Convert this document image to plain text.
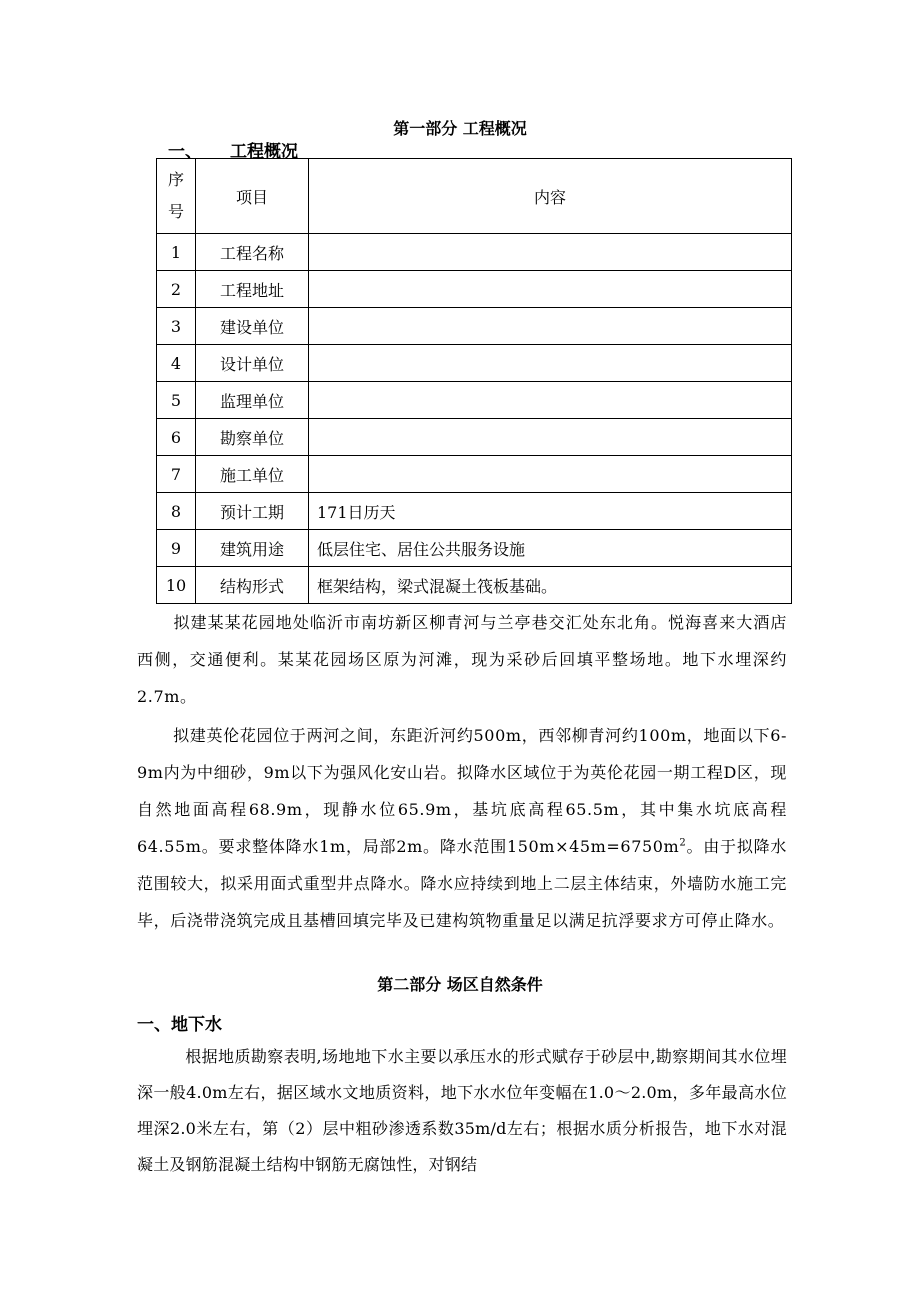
第一部分 工程概况
一、 工程概况
序
号	项目	内容
1	工程名称	
2	工程地址	
3	建设单位	
4	设计单位	
5	监理单位	
6	勘察单位	
7	施工单位	
8	预计工期	171日历天
9	建筑用途	低层住宅、居住公共服务设施
10	结构形式	框架结构，梁式混凝土筏板基础。
拟建某某花园地处临沂市南坊新区柳青河与兰亭巷交汇处东北角。悦海喜来大酒店西侧，交通便利。某某花园场区原为河滩，现为采砂后回填平整场地。地下水埋深约2.7m。
拟建英伦花园位于两河之间，东距沂河约500m，西邻柳青河约100m，地面以下6-9m内为中细砂，9m以下为强风化安山岩。拟降水区域位于为英伦花园一期工程D区，现自然地面高程68.9m，现静水位65.9m，基坑底高程65.5m，其中集水坑底高程64.55m。要求整体降水1m，局部2m。降水范围$150m\times 45m=6750m^2$。由于拟降水范围较大，拟采用面式重型井点降水。降水应持续到地上二层主体结束，外墙防水施工完毕，后浇带浇筑完成且基槽回填完毕及已建构筑物重量足以满足抗浮要求方可停止降水。
第二部分 场区自然条件
一、地下水
根据地质勘察表明,场地地下水主要以承压水的形式赋存于砂层中,勘察期间其水位埋深一般4.0m左右，据区域水文地质资料，地下水水位年变幅在1.0～2.0m，多年最高水位埋深2.0米左右，第（2）层中粗砂渗透系数35m/d左右；根据水质分析报告，地下水对混凝土及钢筋混凝土结构中钢筋无腐蚀性，对钢结
